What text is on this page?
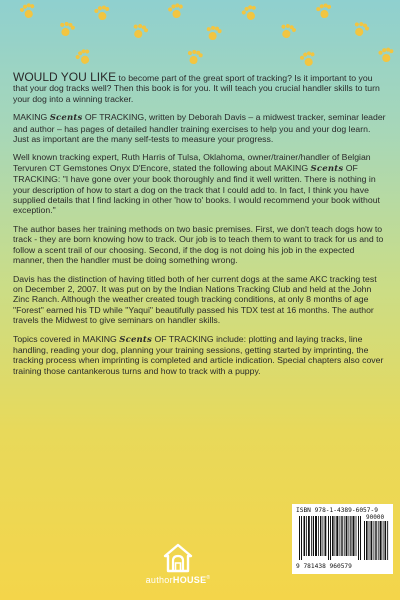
WOULD YOU LIKE to become part of the great sport of tracking? Is it important to you that your dog tracks well? Then this book is for you. It will teach you crucial handler skills to turn your dog into a winning tracker.

MAKING Scents OF TRACKING, written by Deborah Davis – a midwest tracker, seminar leader and author – has pages of detailed handler training exercises to help you and your dog learn. Just as important are the many self-tests to measure your progress.

Well known tracking expert, Ruth Harris of Tulsa, Oklahoma, owner/trainer/handler of Belgian Tervuren CT Gemstones Onyx D'Encore, stated the following about MAKING Scents OF TRACKING: "I have gone over your book thoroughly and find it well written. There is nothing in your description of how to start a dog on the track that I could add to. In fact, I think you have supplied details that I find lacking in other 'how to' books. I would recommend your book without exception."

The author bases her training methods on two basic premises. First, we don't teach dogs how to track - they are born knowing how to track. Our job is to teach them to want to track for us and to follow a scent trail of our choosing. Second, if the dog is not doing his job in the expected manner, then the handler must be doing something wrong.

Davis has the distinction of having titled both of her current dogs at the same AKC tracking test on December 2, 2007. It was put on by the Indian Nations Tracking Club and held at the John Zinc Ranch. Although the weather created tough tracking conditions, at only 8 months of age "Forest" earned his TD while "Yaqui" beautifully passed his TDX test at 16 months. The author travels the Midwest to give seminars on handler skills.

Topics covered in MAKING Scents OF TRACKING include: plotting and laying tracks, line handling, reading your dog, planning your training sessions, getting started by imprinting, the tracking process when imprinting is completed and article indication. Special chapters also cover training those cantankerous turns and how to track with a puppy.

authorHOUSE®
ISBN 978-1-4389-6057-9
90000
9 781438 960579
